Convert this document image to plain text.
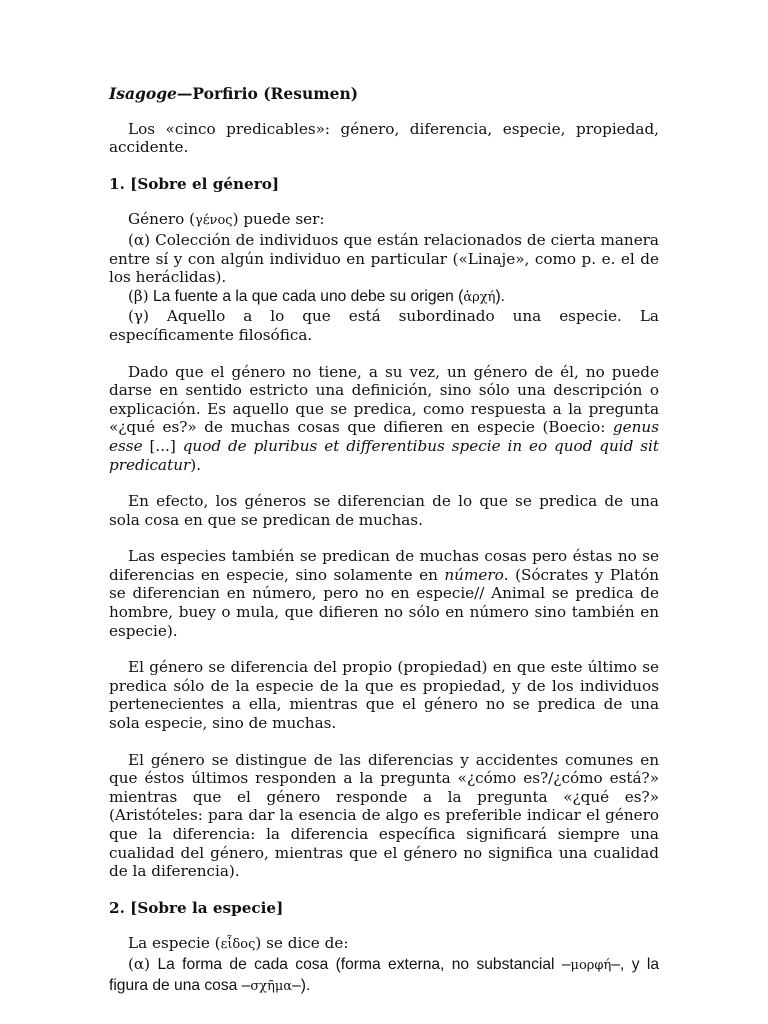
Isagoge—Porfirio (Resumen)

Los «cinco predicables»: género, diferencia, especie, propiedad, accidente.

1. [Sobre el género]

Género (γένος) puede ser:

(α) Colección de individuos que están relacionados de cierta manera entre sí y con algún individuo en particular («Linaje», como p. e. el de los heráclidas).

(β) La fuente a la que cada uno debe su origen (ἀρχή).

(γ) Aquello a lo que está subordinado una especie. La específicamente filosófica.

Dado que el género no tiene, a su vez, un género de él, no puede darse en sentido estricto una definición, sino sólo una descripción o explicación. Es aquello que se predica, como respuesta a la pregunta «¿qué es?» de muchas cosas que difieren en especie (Boecio: genus esse [...] quod de pluribus et differentibus specie in eo quod quid sit predicatur).

En efecto, los géneros se diferencian de lo que se predica de una sola cosa en que se predican de muchas.

Las especies también se predican de muchas cosas pero éstas no se diferencias en especie, sino solamente en número. (Sócrates y Platón se diferencian en número, pero no en especie// Animal se predica de hombre, buey o mula, que difieren no sólo en número sino también en especie).

El género se diferencia del propio (propiedad) en que este último se predica sólo de la especie de la que es propiedad, y de los individuos pertenecientes a ella, mientras que el género no se predica de una sola especie, sino de muchas.

El género se distingue de las diferencias y accidentes comunes en que éstos últimos responden a la pregunta «¿cómo es?/¿cómo está?» mientras que el género responde a la pregunta «¿qué es?» (Aristóteles: para dar la esencia de algo es preferible indicar el género que la diferencia: la diferencia específica significará siempre una cualidad del género, mientras que el género no significa una cualidad de la diferencia).

2. [Sobre la especie]

La especie (εἶδος) se dice de:

(α) La forma de cada cosa (forma externa, no substancial –μορφή–, y la figura de una cosa –σχῆμα–).
